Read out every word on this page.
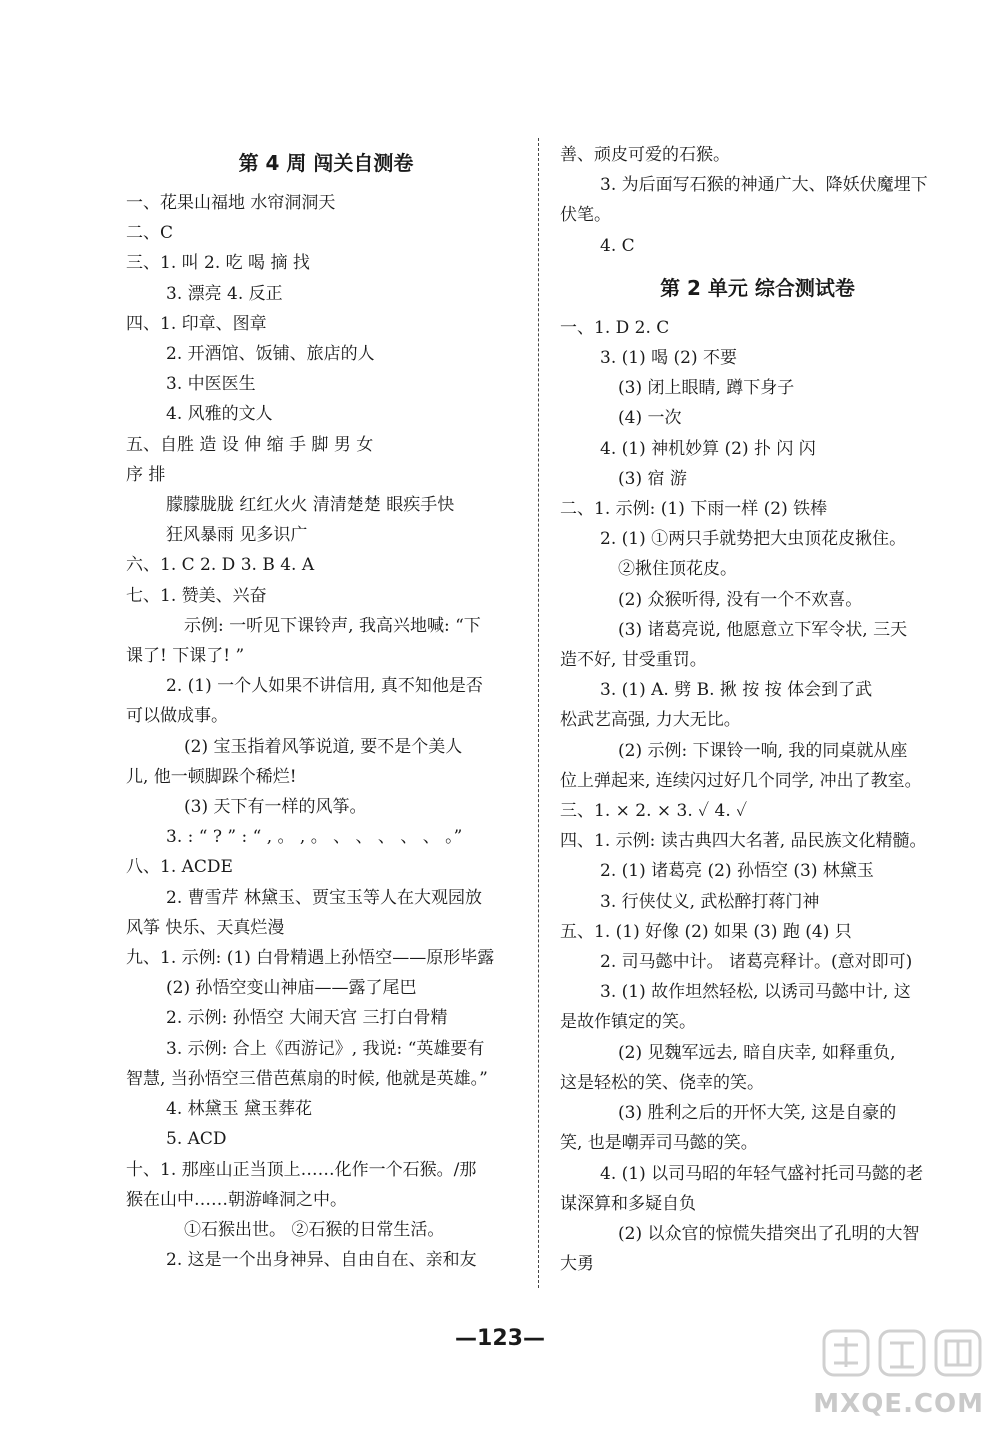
第 4 周 闯关自测卷
一、花果山福地 水帘洞洞天
二、C
三、1. 叫 2. 吃 喝 摘 找
3. 漂亮 4. 反正
四、1. 印章、图章
2. 开酒馆、饭铺、旅店的人
3. 中医医生
4. 风雅的文人
五、自胜 造 设 伸 缩 手 脚 男 女
序 排
朦朦胧胧 红红火火 清清楚楚 眼疾手快
狂风暴雨 见多识广
六、1. C 2. D 3. B 4. A
七、1. 赞美、兴奋
示例: 一听见下课铃声, 我高兴地喊: “下
课了! 下课了! ”
2. (1) 一个人如果不讲信用, 真不知他是否
可以做成事。
(2) 宝玉指着风筝说道, 要不是个美人
儿, 他一顿脚跺个稀烂!
(3) 天下有一样的风筝。
3. : “ ? ” : “ , 。 , 。 、 、 、 、 、 。”
八、1. ACDE
2. 曹雪芹 林黛玉、贾宝玉等人在大观园放
风筝 快乐、天真烂漫
九、1. 示例: (1) 白骨精遇上孙悟空——原形毕露
(2) 孙悟空变山神庙——露了尾巴
2. 示例: 孙悟空 大闹天宫 三打白骨精
3. 示例: 合上《西游记》, 我说: “英雄要有
智慧, 当孙悟空三借芭蕉扇的时候, 他就是英雄。”
4. 林黛玉 黛玉葬花
5. ACD
十、1. 那座山正当顶上……化作一个石猴。/那
猴在山中……朝游峰洞之中。
①石猴出世。 ②石猴的日常生活。
2. 这是一个出身神异、自由自在、亲和友
善、顽皮可爱的石猴。
3. 为后面写石猴的神通广大、降妖伏魔埋下
伏笔。
4. C
第 2 单元 综合测试卷
一、1. D 2. C
3. (1) 喝 (2) 不要
(3) 闭上眼睛, 蹲下身子
(4) 一次
4. (1) 神机妙算 (2) 扑 闪 闪
(3) 宿 游
二、1. 示例: (1) 下雨一样 (2) 铁棒
2. (1) ①两只手就势把大虫顶花皮揪住。
②揪住顶花皮。
(2) 众猴听得, 没有一个不欢喜。
(3) 诸葛亮说, 他愿意立下军令状, 三天
造不好, 甘受重罚。
3. (1) A. 劈 B. 揪 按 按 体会到了武
松武艺高强, 力大无比。
(2) 示例: 下课铃一响, 我的同桌就从座
位上弹起来, 连续闪过好几个同学, 冲出了教室。
三、1. × 2. × 3. ✓ 4. ✓
四、1. 示例: 读古典四大名著, 品民族文化精髓。
2. (1) 诸葛亮 (2) 孙悟空 (3) 林黛玉
3. 行侠仗义, 武松醉打蒋门神
五、1. (1) 好像 (2) 如果 (3) 跑 (4) 只
2. 司马懿中计。 诸葛亮释计。(意对即可)
3. (1) 故作坦然轻松, 以诱司马懿中计, 这
是故作镇定的笑。
(2) 见魏军远去, 暗自庆幸, 如释重负,
这是轻松的笑、侥幸的笑。
(3) 胜利之后的开怀大笑, 这是自豪的
笑, 也是嘲弄司马懿的笑。
4. (1) 以司马昭的年轻气盛衬托司马懿的老
谋深算和多疑自负
(2) 以众官的惊慌失措突出了孔明的大智
大勇
—123—
MXQE.COM
